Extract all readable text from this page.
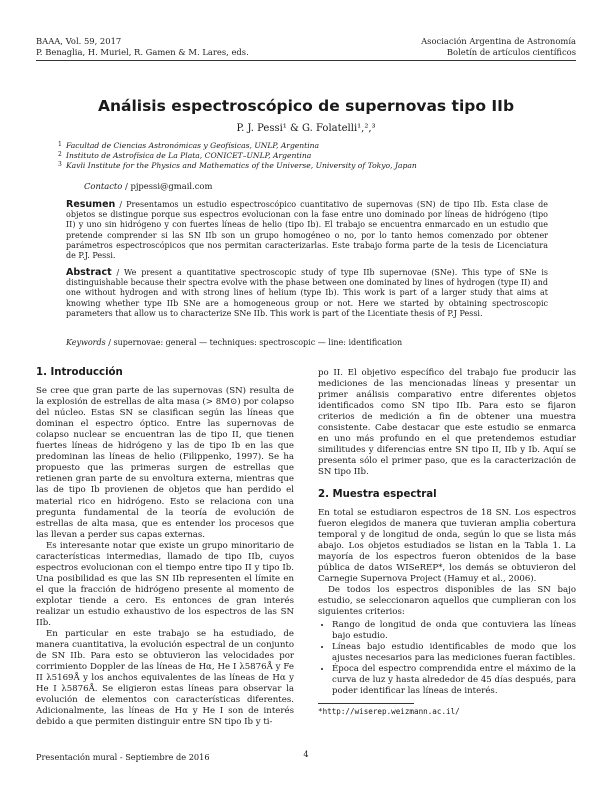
BAAA, Vol. 59, 2017
P. Benaglia, H. Muriel, R. Gamen & M. Lares, eds.
Asociación Argentina de Astronomía
Boletín de artículos científicos
Análisis espectroscópico de supernovas tipo IIb
P. J. Pessi¹ & G. Folatelli¹,²,³
1 Facultad de Ciencias Astronómicas y Geofísicas, UNLP, Argentina
2 Instituto de Astrofísica de La Plata, CONICET–UNLP, Argentina
3 Kavli Institute for the Physics and Mathematics of the Universe, University of Tokyo, Japan
Contacto / pjpessi@gmail.com
Resumen / Presentamos un estudio espectroscópico cuantitativo de supernovas (SN) de tipo IIb. Esta clase de objetos se distingue porque sus espectros evolucionan con la fase entre uno dominado por líneas de hidrógeno (tipo II) y uno sin hidrógeno y con fuertes líneas de helio (tipo Ib). El trabajo se encuentra enmarcado en un estudio que pretende comprender si las SN IIb son un grupo homogéneo o no, por lo tanto hemos comenzado por obtener parámetros espectroscópicos que nos permitan caracterizarlas. Este trabajo forma parte de la tesis de Licenciatura de P.J. Pessi.
Abstract / We present a quantitative spectroscopic study of type IIb supernovae (SNe). This type of SNe is distinguishable because their spectra evolve with the phase between one dominated by lines of hydrogen (type II) and one without hydrogen and with strong lines of helium (type Ib). This work is part of a larger study that aims at knowing whether type IIb SNe are a homogeneous group or not. Here we started by obtaining spectroscopic parameters that allow us to characterize SNe IIb. This work is part of the Licentiate thesis of P.J Pessi.
Keywords / supernovae: general — techniques: spectroscopic — line: identification
1. Introducción

Se cree que gran parte de las supernovas (SN) resulta de la explosión de estrellas de alta masa (> 8M⊙) por colapso del núcleo. Estas SN se clasifican según las líneas que dominan el espectro óptico. Entre las supernovas de colapso nuclear se encuentran las de tipo II, que tienen fuertes líneas de hidrógeno y las de tipo Ib en las que predominan las líneas de helio (Filippenko, 1997). Se ha propuesto que las primeras surgen de estrellas que retienen gran parte de su envoltura externa, mientras que las de tipo Ib provienen de objetos que han perdido el material rico en hidrógeno. Esto se relaciona con una pregunta fundamental de la teoría de evolución de estrellas de alta masa, que es entender los procesos que las llevan a perder sus capas externas.

Es interesante notar que existe un grupo minoritario de características intermedias, llamado de tipo IIb, cuyos espectros evolucionan con el tiempo entre tipo II y tipo Ib. Una posibilidad es que las SN IIb representen el límite en el que la fracción de hidrógeno presente al momento de explotar tiende a cero. Es entonces de gran interés realizar un estudio exhaustivo de los espectros de las SN IIb.

En particular en este trabajo se ha estudiado, de manera cuantitativa, la evolución espectral de un conjunto de SN IIb. Para esto se obtuvieron las velocidades por corrimiento Doppler de las líneas de Hα, He I λ5876Å y Fe II λ5169Å y los anchos equivalentes de las líneas de Hα y He I λ5876Å. Se eligieron estas líneas para observar la evolución de elementos con características diferentes. Adicionalmente, las líneas de Hα y He I son de interés debido a que permiten distinguir entre SN tipo Ib y ti-

po II. El objetivo específico del trabajo fue producir las mediciones de las mencionadas líneas y presentar un primer análisis comparativo entre diferentes objetos identificados como SN tipo IIb. Para esto se fijaron criterios de medición a fin de obtener una muestra consistente. Cabe destacar que este estudio se enmarca en uno más profundo en el que pretendemos estudiar similitudes y diferencias entre SN tipo II, IIb y Ib. Aquí se presenta sólo el primer paso, que es la caracterización de SN tipo IIb.

2. Muestra espectral

En total se estudiaron espectros de 18 SN. Los espectros fueron elegidos de manera que tuvieran amplia cobertura temporal y de longitud de onda, según lo que se lista más abajo. Los objetos estudiados se listan en la Tabla 1. La mayoría de los espectros fueron obtenidos de la base pública de datos WISeREP*, los demás se obtuvieron del Carnegie Supernova Project (Hamuy et al., 2006).

De todos los espectros disponibles de las SN bajo estudio, se seleccionaron aquellos que cumplieran con los siguientes criterios:

• Rango de longitud de onda que contuviera las líneas bajo estudio.
• Líneas bajo estudio identificables de modo que los ajustes necesarios para las mediciones fueran factibles.
• Época del espectro comprendida entre el máximo de la curva de luz y hasta alrededor de 45 días después, para poder identificar las líneas de interés.
*http://wiserep.weizmann.ac.il/
Presentación mural - Septiembre de 2016	4
